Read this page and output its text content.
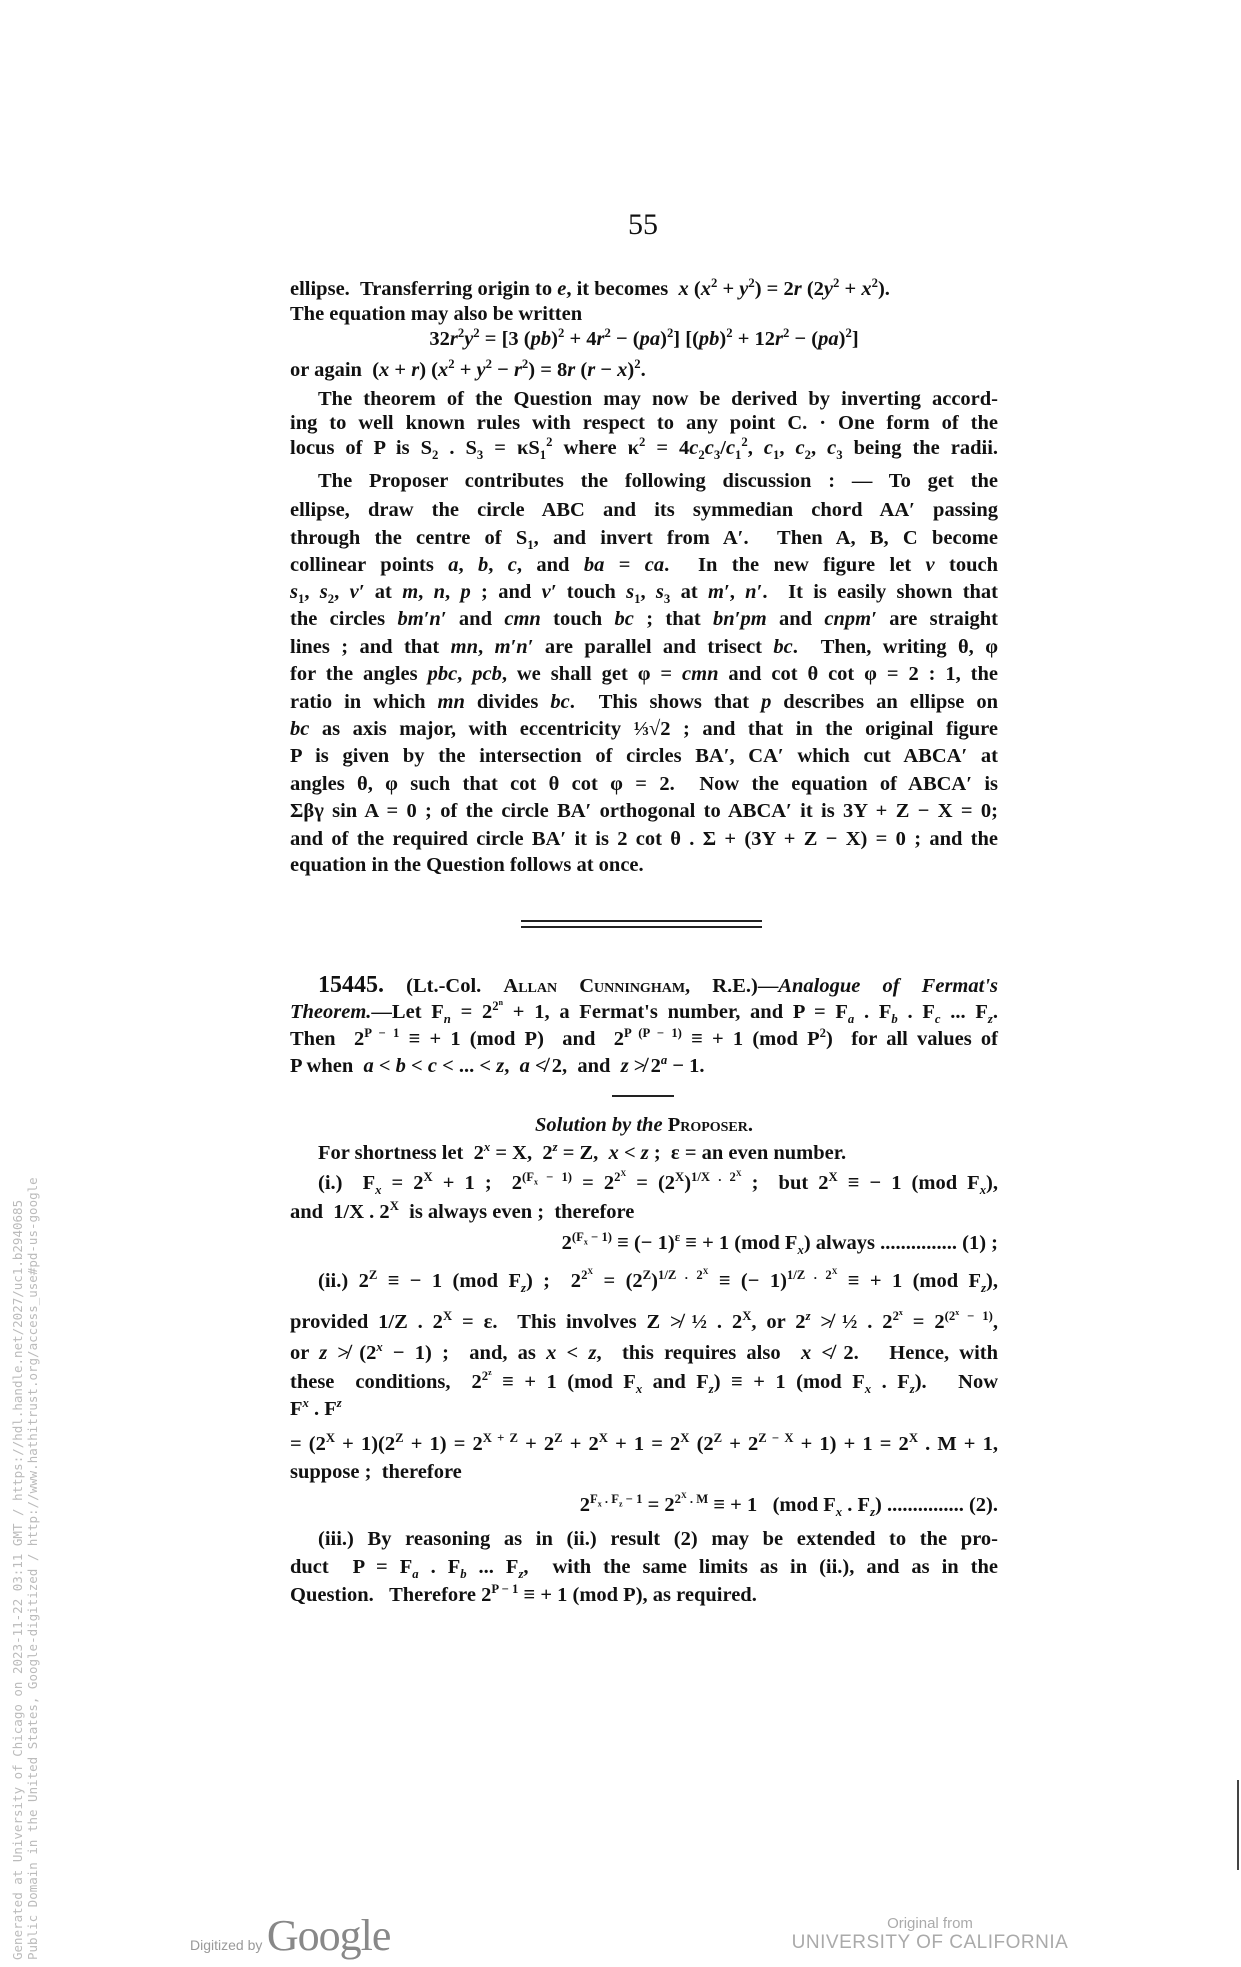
55
ellipse.  Transferring origin to e, it becomes  x $(x^2 + y^2) = 2r$ $(2y^2 + x^2)$.
The equation may also be written
$32r^2y^2 = [3$ $(pb)^2 + 4r^2 - (pa)^2$] $[(pb)^2 + 12r^2 - (pa)^2]$
or again  (x + r) $(x^2 + y^2 - r^2) = 8r$ $(r - x)^2$.
The theorem of the Question may now be derived by inverting accord-
ing to well known rules with respect to any point C. · One form of the
locus of P is $S_2$ . $S_3 = \kappa S_1^2$ where $\kappa^2 = 4c_2c_3/c_1^2$, $c_1$, $c_2$, $c_3$ being the radii.
The Proposer contributes the following discussion : — To get the
ellipse, draw the circle ABC and its symmedian chord AA′ passing
through the centre of $S_1$, and invert from A′.  Then A, B, C become
collinear points a, b, c, and ba = ca.  In the new figure let v touch
$s_1$, $s_2$, v′ at m, n, p ; and v′ touch $s_1$, $s_3$ at m′, n′.  It is easily shown that
the circles bm′n′ and cmn touch bc ; that bn′pm and cnpm′ are straight
lines ; and that mn, m′n′ are parallel and trisect bc.  Then, writing θ, φ
for the angles pbc, pcb, we shall get φ = cmn and cot θ cot φ = 2 : 1, the
ratio in which mn divides bc.  This shows that p describes an ellipse on
bc as axis major, with eccentricity ⅓√2 ; and that in the original figure
P is given by the intersection of circles BA′, CA′ which cut ABCA′ at
angles θ, φ such that cot θ cot φ = 2.  Now the equation of ABCA′ is
Σβγ sin A = 0 ; of the circle BA′ orthogonal to ABCA′ it is 3Y + Z − X = 0;
and of the required circle BA′ it is 2 cot θ . Σ + (3Y + Z − X) = 0 ; and the
equation in the Question follows at once.
15445. (Lt.-Col. Allan Cunningham, R.E.)—Analogue of Fermat's
Theorem.—Let $F_n = 2^{2^n} + 1$, a Fermat's number, and $P = F_a$ . $F_b$ . $F_c$ ... $F_z$.
Then  $2^{P - 1}$ ≡ + 1 (mod P)  and  $2^{P (P - 1)}$ ≡ + 1 (mod $P^2$)  for all values of
P when  a < b < c < ... < z,  a ≮ 2,  and  z ≯ $2^a - 1$.
Solution by the Proposer.
For shortness let  $2^x = X$,  $2^z = Z$,  x < z ;  ε = an even number.
(i.)  $F_x = 2^X + 1$ ;  $2^{(F_x - 1)} = 2^{2^X} = (2^X)^{1/X . 2^X}$ ;  but $2^X$ ≡ − 1 (mod $F_x$),
and  1/X . $2^X$  is always even ;  therefore
$2^{(F_x - 1)}$ ≡ (− 1)$^\varepsilon$ ≡ + 1 (mod $F_x$) always ............... (1) ;
(ii.) $2^Z$ ≡ − 1 (mod $F_z$) ;  $2^{2^X} = (2^Z)^{1/Z . 2^X}$ ≡ (− 1)$^{1/Z . 2^X}$ ≡ + 1 (mod $F_z$),
provided 1/Z . $2^X = \varepsilon$.  This involves Z ≯ ½ . $2^X$, or 2$^z$ ≯ ½ . $2^{2^x} = 2^{(2^x - 1)}$,
or z ≯ $(2^x - 1)$ ;  and, as x < z,  this requires also  x ≮ 2.   Hence, with
these  conditions,  $2^{2^z}$ ≡ + 1 (mod $F_x$ and $F_z$) ≡ + 1 (mod $F_x$ . $F_z$).   Now
$F^x$ . $F^z$
= $(2^X + 1)(2^Z + 1) = 2^{X + Z} + 2^Z + 2^X + 1 = 2^X$ $(2^Z + 2^{Z - X} + 1) + 1 = 2^X$ . M + 1,
suppose ;  therefore
$2^{F_x . F_z - 1} = 2^{2^X . M}$ ≡ + 1   (mod $F_x$ . $F_z$) ............... (2).
(iii.) By reasoning as in (ii.) result (2) may be extended to the pro-
duct  $P = F_a$ . $F_b$ ... $F_z$,  with the same limits as in (ii.), and as in the
Question.   Therefore $2^{P - 1}$ ≡ + 1 (mod P), as required.
Generated at University of Chicago on 2023-11-22 03:11 GMT / https://hdl.handle.net/2027/uc1.b2940685 Public Domain in the United States, Google-digitized / http://www.hathitrust.org/access_use#pd-us-google	Digitized by Google	Original from
UNIVERSITY OF CALIFORNIA
